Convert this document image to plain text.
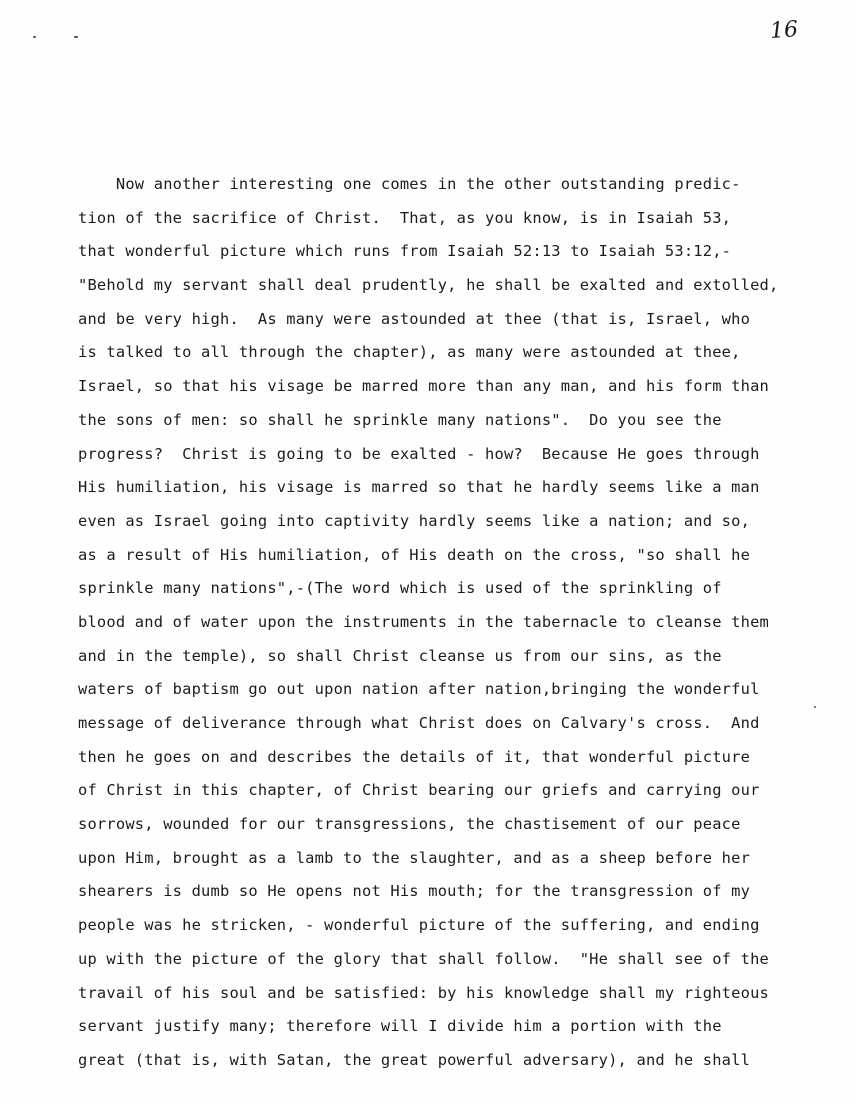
16
Now another interesting one comes in the other outstanding predic-
tion of the sacrifice of Christ.  That, as you know, is in Isaiah 53,
that wonderful picture which runs from Isaiah 52:13 to Isaiah 53:12,-
"Behold my servant shall deal prudently, he shall be exalted and extolled,
and be very high.  As many were astounded at thee (that is, Israel, who
is talked to all through the chapter), as many were astounded at thee,
Israel, so that his visage be marred more than any man, and his form than
the sons of men: so shall he sprinkle many nations".  Do you see the
progress?  Christ is going to be exalted - how?  Because He goes through
His humiliation, his visage is marred so that he hardly seems like a man
even as Israel going into captivity hardly seems like a nation; and so,
as a result of His humiliation, of His death on the cross, "so shall he
sprinkle many nations",-(The word which is used of the sprinkling of
blood and of water upon the instruments in the tabernacle to cleanse them
and in the temple), so shall Christ cleanse us from our sins, as the
waters of baptism go out upon nation after nation,bringing the wonderful
message of deliverance through what Christ does on Calvary's cross.  And
then he goes on and describes the details of it, that wonderful picture
of Christ in this chapter, of Christ bearing our griefs and carrying our
sorrows, wounded for our transgressions, the chastisement of our peace
upon Him, brought as a lamb to the slaughter, and as a sheep before her
shearers is dumb so He opens not His mouth; for the transgression of my
people was he stricken, - wonderful picture of the suffering, and ending
up with the picture of the glory that shall follow.  "He shall see of the
travail of his soul and be satisfied: by his knowledge shall my righteous
servant justify many; therefore will I divide him a portion with the
great (that is, with Satan, the great powerful adversary), and he shall
